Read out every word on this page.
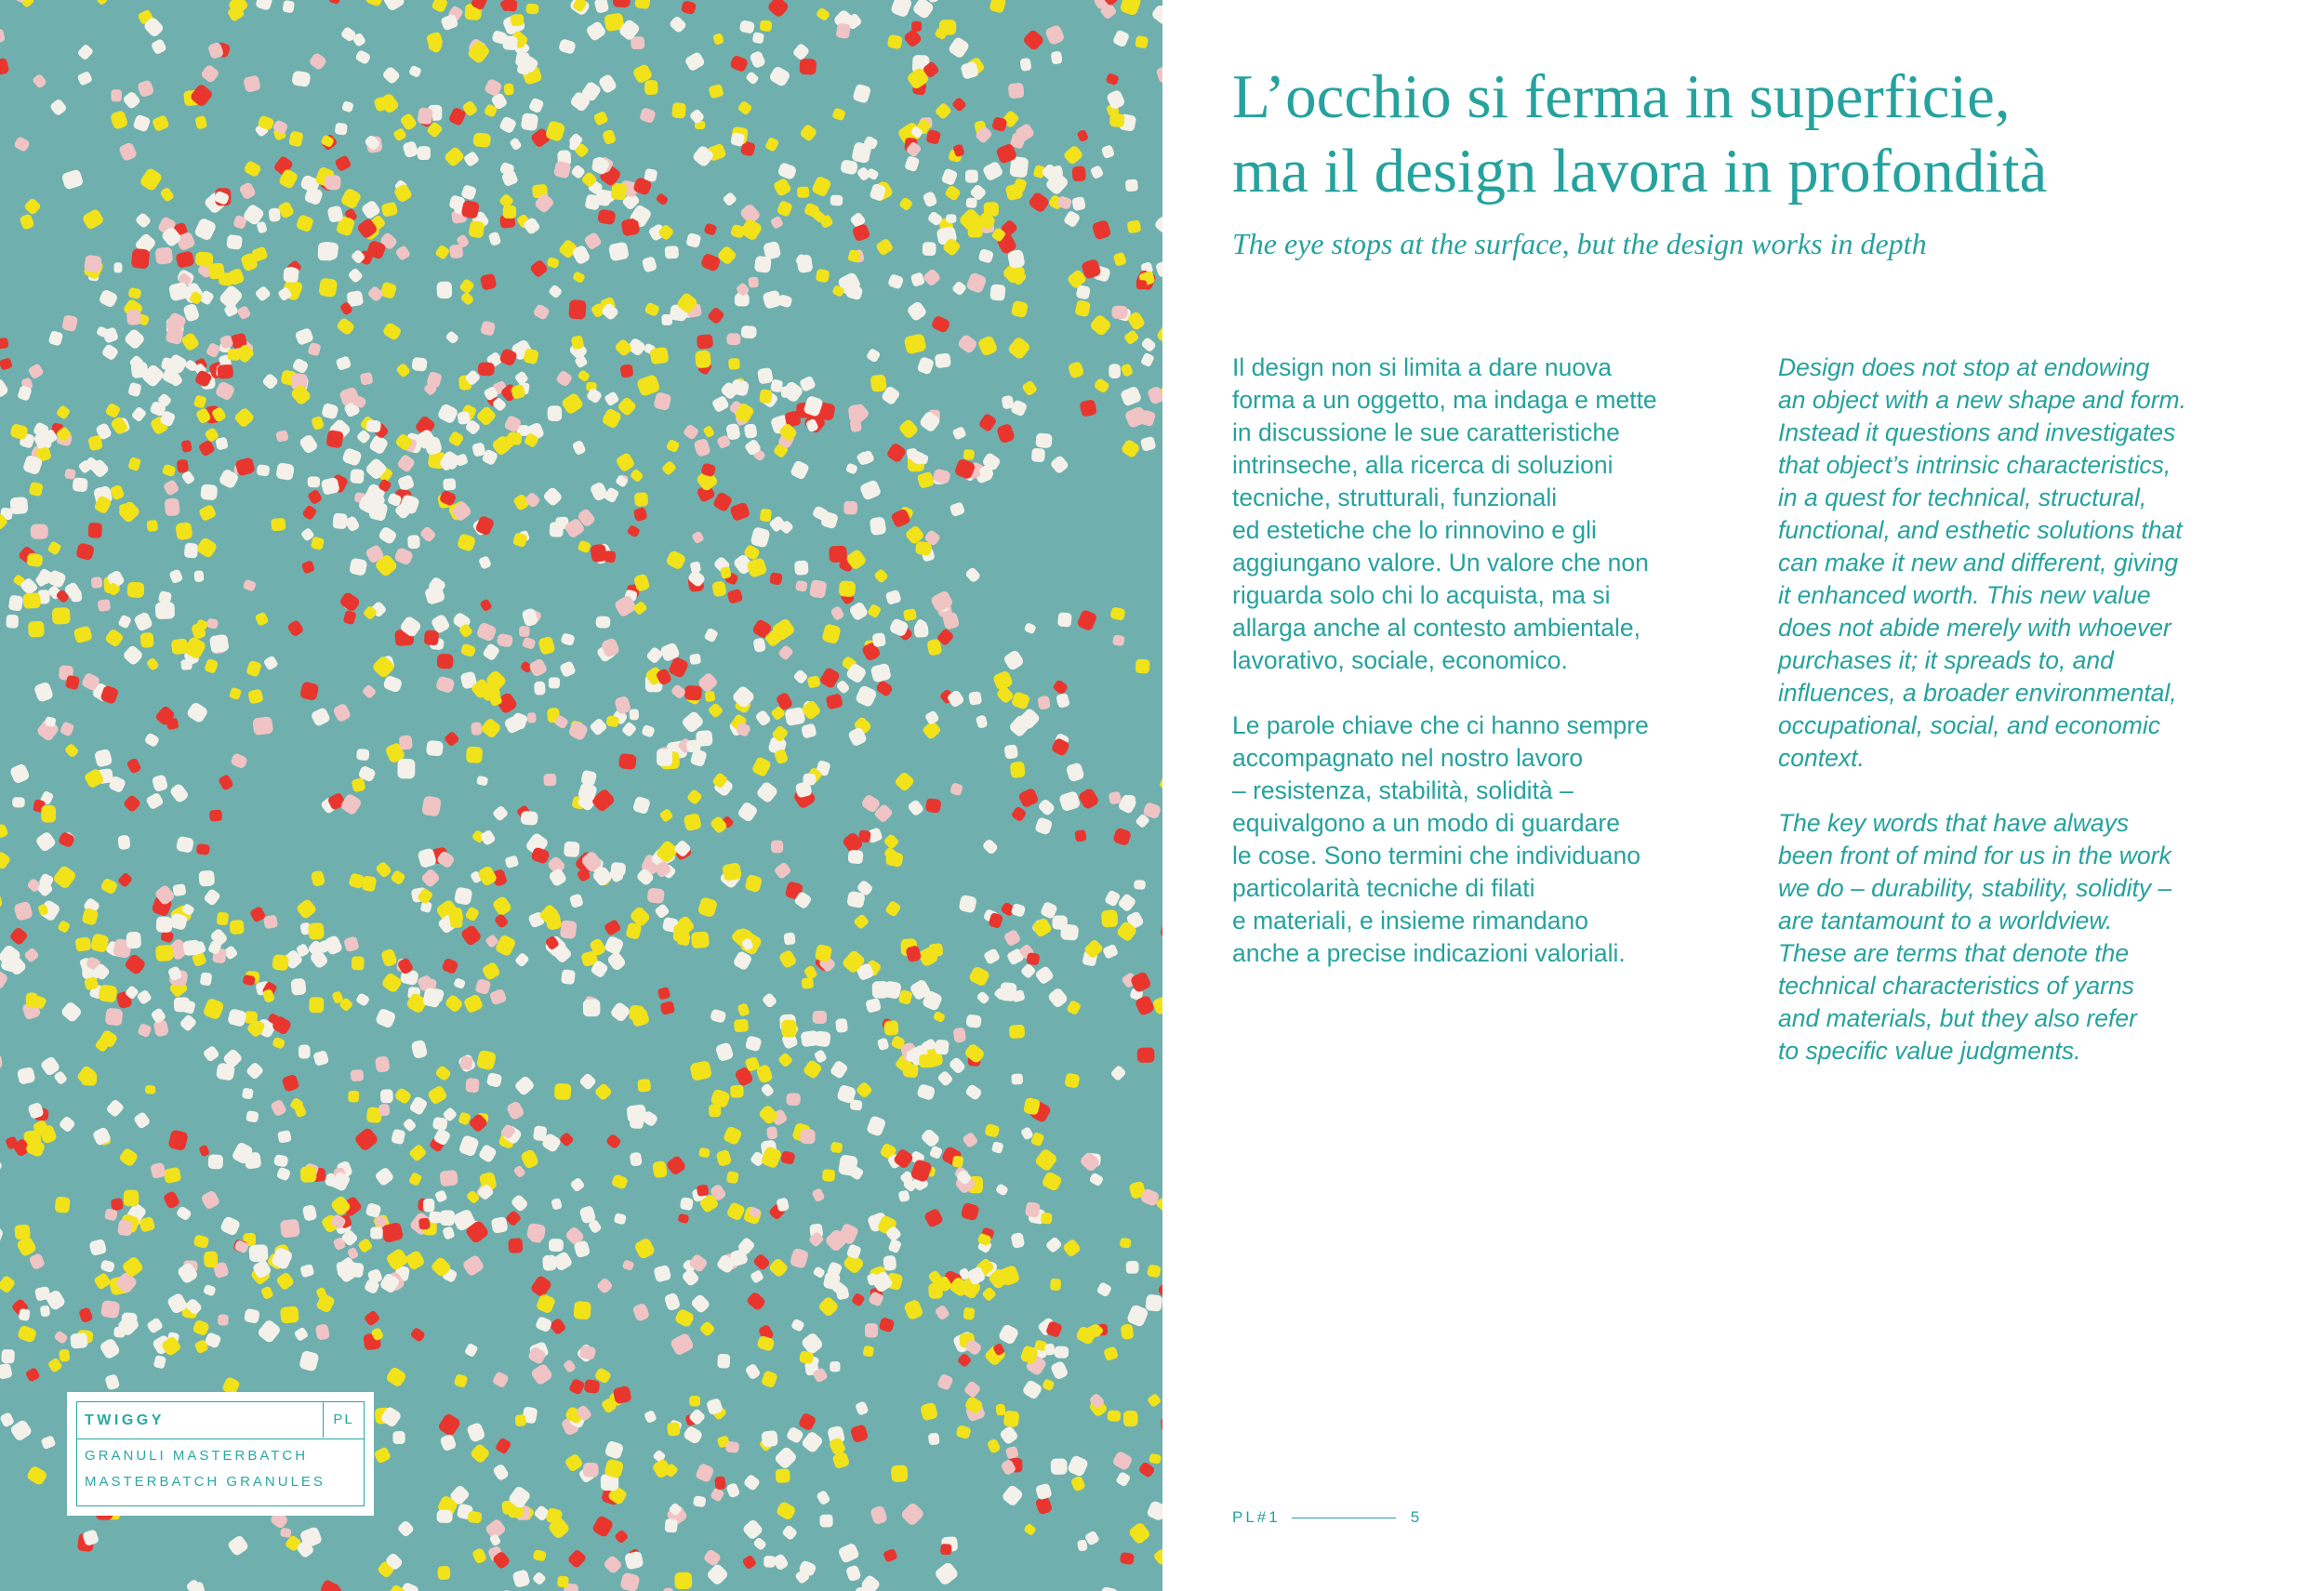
TWIGGY	PL
GRANULI MASTERBATCH
MASTERBATCH GRANULES
L’occhio si ferma in superficie,
ma il design lavora in profondità
The eye stops at the surface, but the design works in depth

Il design non si limita a dare nuova
forma a un oggetto, ma indaga e mette
in discussione le sue caratteristiche
intrinseche, alla ricerca di soluzioni
tecniche, strutturali, funzionali
ed estetiche che lo rinnovino e gli
aggiungano valore. Un valore che non
riguarda solo chi lo acquista, ma si
allarga anche al contesto ambientale,
lavorativo, sociale, economico.

Le parole chiave che ci hanno sempre
accompagnato nel nostro lavoro
– resistenza, stabilità, solidità –
equivalgono a un modo di guardare
le cose. Sono termini che individuano
particolarità tecniche di filati
e materiali, e insieme rimandano
anche a precise indicazioni valoriali.

Design does not stop at endowing
an object with a new shape and form.
Instead it questions and investigates
that object’s intrinsic characteristics,
in a quest for technical, structural,
functional, and esthetic solutions that
can make it new and different, giving
it enhanced worth. This new value
does not abide merely with whoever
purchases it; it spreads to, and
influences, a broader environmental,
occupational, social, and economic
context.

The key words that have always
been front of mind for us in the work
we do – durability, stability, solidity –
are tantamount to a worldview.
These are terms that denote the
technical characteristics of yarns
and materials, but they also refer
to specific value judgments.

PL#1	5
